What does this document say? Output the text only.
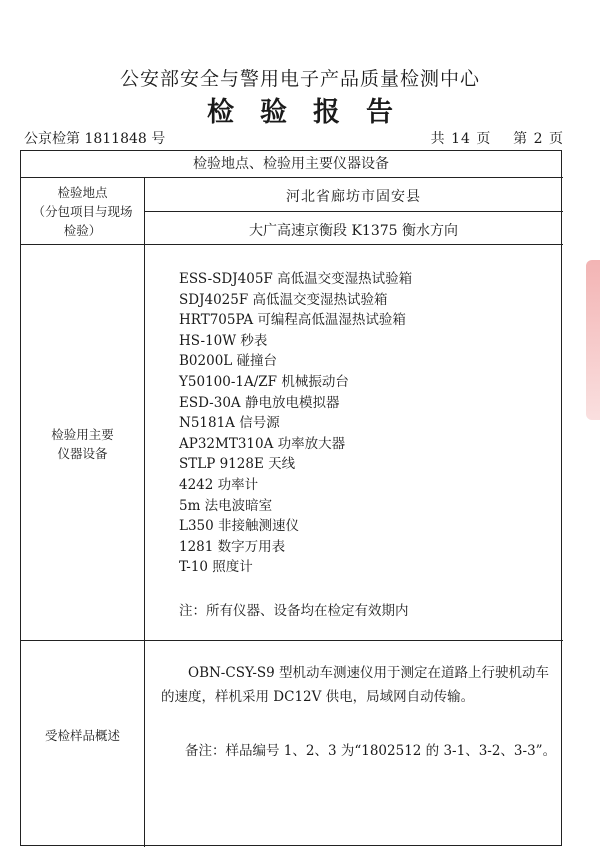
公安部安全与警用电子产品质量检测中心
检验报告
公京检第 1811848 号	共 14 页    第 2 页
检验地点、检验用主要仪器设备
检验地点
（分包项目与现场
检验）
河北省廊坊市固安县
大广高速京衡段 K1375 衡水方向
检验用主要
仪器设备
ESS-SDJ405F 高低温交变湿热试验箱
SDJ4025F 高低温交变湿热试验箱
HRT705PA 可编程高低温湿热试验箱
HS-10W 秒表
B0200L 碰撞台
Y50100-1A/ZF 机械振动台
ESD-30A 静电放电模拟器
N5181A 信号源
AP32MT310A 功率放大器
STLP 9128E 天线
4242 功率计
5m 法电波暗室
L350 非接触测速仪
1281 数字万用表
T-10 照度计
注：所有仪器、设备均在检定有效期内
受检样品概述
OBN-CSY-S9 型机动车测速仪用于测定在道路上行驶机动车的速度，样机采用 DC12V 供电，局域网自动传输。
备注：样品编号 1、2、3 为“1802512 的 3-1、3-2、3-3”。
